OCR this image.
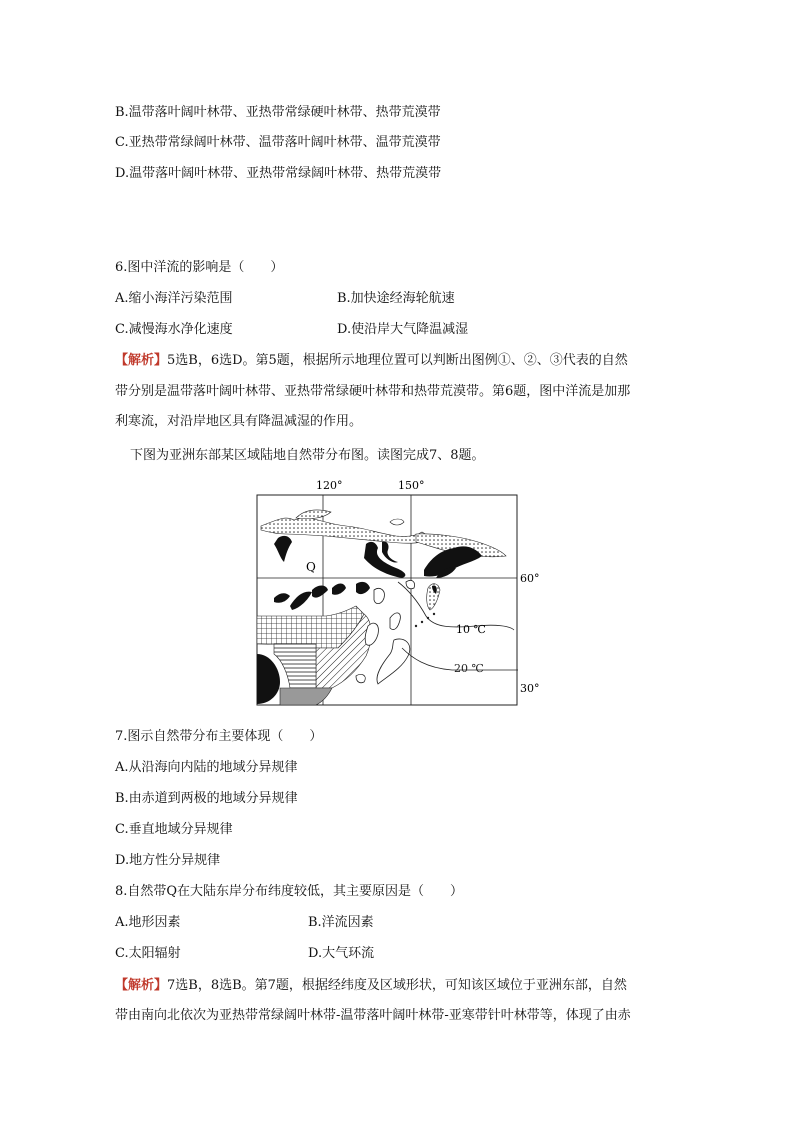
B.温带落叶阔叶林带、亚热带常绿硬叶林带、热带荒漠带
C.亚热带常绿阔叶林带、温带落叶阔叶林带、温带荒漠带
D.温带落叶阔叶林带、亚热带常绿阔叶林带、热带荒漠带
6.图中洋流的影响是（　　）
A.缩小海洋污染范围	B.加快途经海轮航速
C.减慢海水净化速度	D.使沿岸大气降温减湿
【解析】5选B，6选D。第5题，根据所示地理位置可以判断出图例①、②、③代表的自然
带分别是温带落叶阔叶林带、亚热带常绿硬叶林带和热带荒漠带。第6题，图中洋流是加那
利寒流，对沿岸地区具有降温减湿的作用。
下图为亚洲东部某区域陆地自然带分布图。读图完成7、8题。
120°	150°
60°
30°
Q
10 ℃
20 ℃
7.图示自然带分布主要体现（　　）
A.从沿海向内陆的地域分异规律
B.由赤道到两极的地域分异规律
C.垂直地域分异规律
D.地方性分异规律
8.自然带Q在大陆东岸分布纬度较低，其主要原因是（　　）
A.地形因素	B.洋流因素
C.太阳辐射	D.大气环流
【解析】7选B，8选B。第7题，根据经纬度及区域形状，可知该区域位于亚洲东部，自然
带由南向北依次为亚热带常绿阔叶林带-温带落叶阔叶林带-亚寒带针叶林带等，体现了由赤
